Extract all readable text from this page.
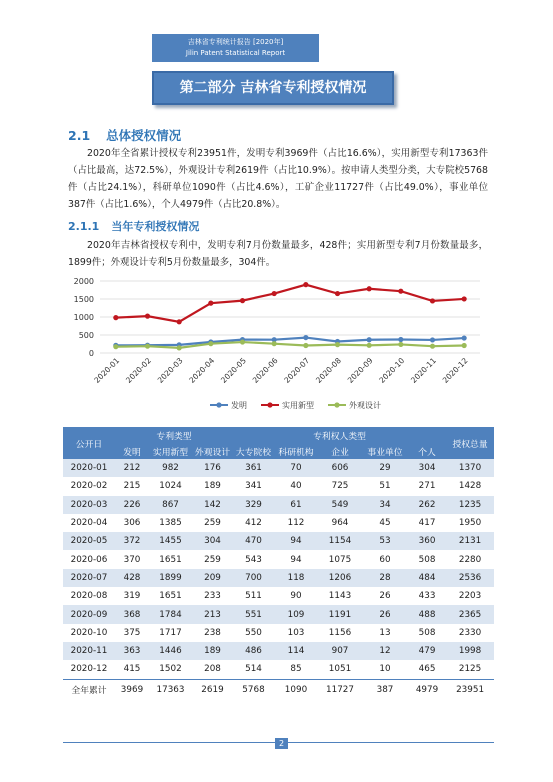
吉林省专利统计报告 [2020年]
Jilin Patent Statistical Report
第二部分 吉林省专利授权情况
2.1 总体授权情况
2020年全省累计授权专利23951件，发明专利3969件（占比16.6%），实用新型专利17363件（占比最高，达72.5%），外观设计专利2619件（占比10.9%）。按申请人类型分类，大专院校5768件（占比24.1%），科研单位1090件（占比4.6%），工矿企业11727件（占比49.0%），事业单位387件（占比1.6%），个人4979件（占比20.8%）。
2.1.1 当年专利授权情况
2020年吉林省授权专利中，发明专利7月份数量最多，428件；实用新型专利7月份数量最多，1899件；外观设计专利5月份数量最多，304件。
0
500
1000
1500
2000
2020-01 2020-02 2020-03 2020-04 2020-05 2020-06 2020-07 2020-08 2020-09 2020-10 2020-11 2020-12
发明	实用新型	外观设计
公开日	专利类型			专利权人类型					授权总量
	发明	实用新型	外观设计	大专院校	科研机构	企业	事业单位	个人	
2020-01	212	982	176	361	70	606	29	304	1370
2020-02	215	1024	189	341	40	725	51	271	1428
2020-03	226	867	142	329	61	549	34	262	1235
2020-04	306	1385	259	412	112	964	45	417	1950
2020-05	372	1455	304	470	94	1154	53	360	2131
2020-06	370	1651	259	543	94	1075	60	508	2280
2020-07	428	1899	209	700	118	1206	28	484	2536
2020-08	319	1651	233	511	90	1143	26	433	2203
2020-09	368	1784	213	551	109	1191	26	488	2365
2020-10	375	1717	238	550	103	1156	13	508	2330
2020-11	363	1446	189	486	114	907	12	479	1998
2020-12	415	1502	208	514	85	1051	10	465	2125
全年累计	3969	17363	2619	5768	1090	11727	387	4979	23951
2
